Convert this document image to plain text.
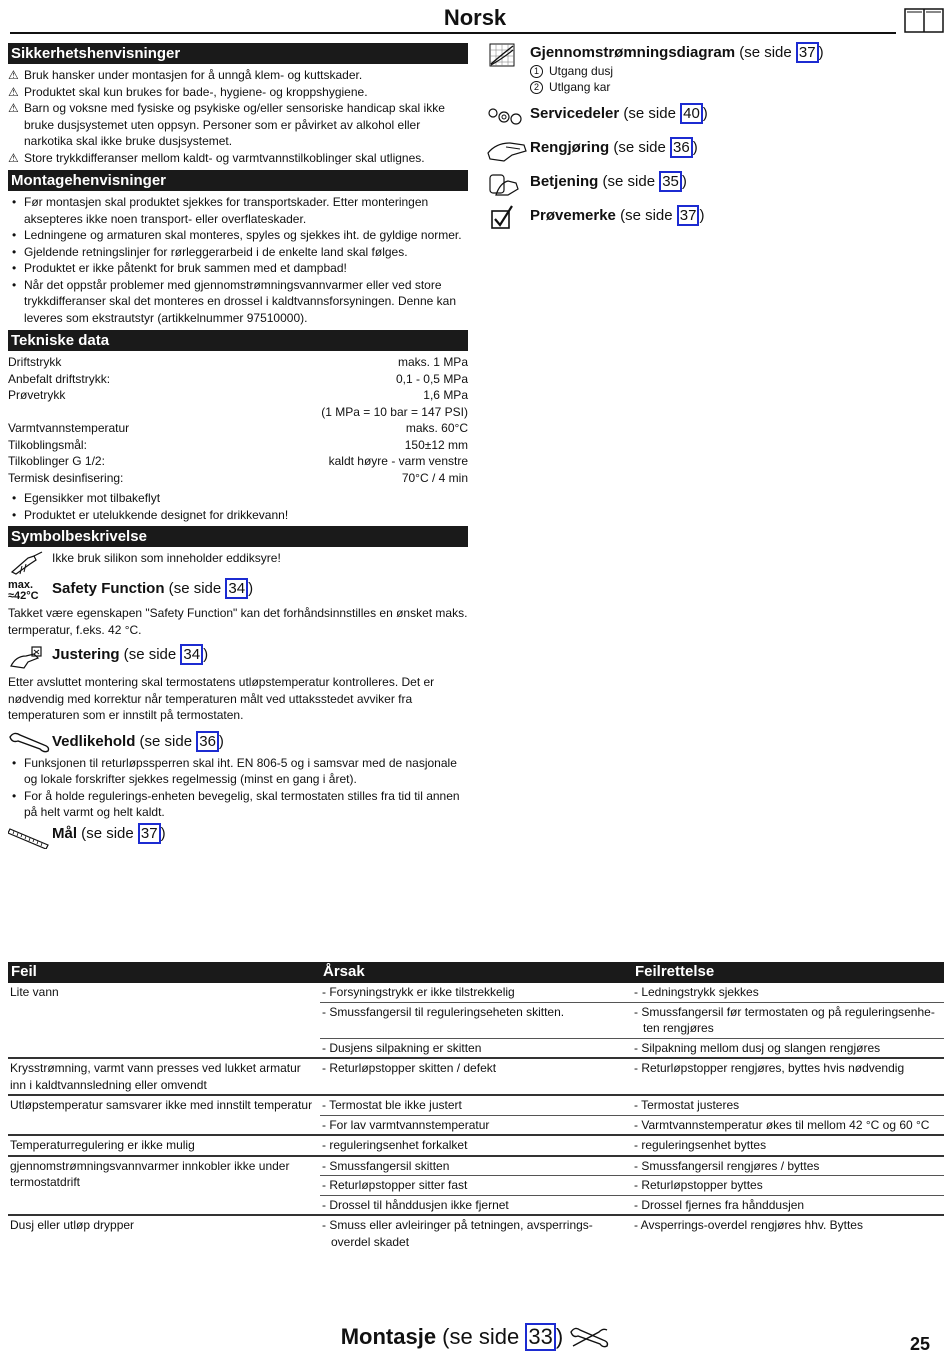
Norsk
Sikkerhetshenvisninger
⚠ Bruk hansker under montasjen for å unngå klem- og kuttskader.
⚠ Produktet skal kun brukes for bade-, hygiene- og kroppshygiene.
⚠ Barn og voksne med fysiske og psykiske og/eller sensoriske handicap skal ikke bruke dusjsystemet uten oppsyn. Personer som er påvirket av alkohol eller narkotika skal ikke bruke dusjsystemet.
⚠ Store trykkdifferanser mellom kaldt- og varmtvannstilkoblinger skal utlignes.
Montagehenvisninger
• Før montasjen skal produktet sjekkes for transportskader. Etter monteringen aksepteres ikke noen transport- eller overflateskader.
• Ledningene og armaturen skal monteres, spyles og sjekkes iht. de gyldige normer.
• Gjeldende retningslinjer for rørleggerarbeid i de enkelte land skal følges.
• Produktet er ikke påtenkt for bruk sammen med et dampbad!
• Når det oppstår problemer med gjennomstrømningsvannvarmer eller ved store trykkdifferanser skal det monteres en drossel i kaldtvannsforsyningen. Denne kan leveres som ekstrautstyr (artikkelnummer 97510000).
Tekniske data
Driftstrykk	maks. 1 MPa
Anbefalt driftstrykk:	0,1 - 0,5 MPa
Prøvetrykk	1,6 MPa
(1 MPa = 10 bar = 147 PSI)
Varmtvannstemperatur	maks. 60°C
Tilkoblingsmål:	150±12 mm
Tilkoblinger G 1/2:	kaldt høyre - varm venstre
Termisk desinfisering:	70°C / 4 min
• Egensikker mot tilbakeflyt
• Produktet er utelukkende designet for drikkevann!
Symbolbeskrivelse
Ikke bruk silikon som inneholder eddiksyre!
max.
≈42°C Safety Function (se side 34 )
Takket være egenskapen "Safety Function" kan det forhåndsinnstilles en ønsket maks. termperatur, f.eks. 42 °C.
Justering (se side 34 )
Etter avsluttet montering skal termostatens utløpstemperatur kontrolleres. Det er nødvendig med korrektur når temperaturen målt ved uttaksstedet avviker fra temperaturen som er innstilt på termostaten.
Vedlikehold (se side 36 )
• Funksjonen til returløpssperren skal iht. EN 806-5 og i samsvar med de nasjonale og lokale forskrifter sjekkes regelmessig (minst en gang i året).
• For å holde regulerings-enheten bevegelig, skal termostaten stilles fra tid til annen på helt varmt og helt kaldt.
Mål (se side 37 )
Gjennomstrømningsdiagram (se side 37 )
1 Utgang dusj
2 Utlgang kar
Servicedeler (se side 40 )
Rengjøring (se side 36 )
Betjening (se side 35 )
Prøvemerke (se side 37 )
Feil	Årsak	Feilrettelse
Lite vann	- Forsyningstrykk er ikke tilstrekkelig	- Ledningstrykk sjekkes

	- Smussfangersil til reguleringseheten skitten.	- Smussfangersil før termostaten og på reguleringsenhe- ten rengjøres

	- Dusjens silpakning er skitten	- Silpakning mellom dusj og slangen rengjøres

Krysstrømning, varmt vann presses ved lukket armatur inn i kaldtvannsledning eller omvendt	- Returløpstopper skitten / defekt	- Returløpstopper rengjøres, byttes hvis nødvendig

Utløpstemperatur samsvarer ikke med innstilt temperatur	- Termostat ble ikke justert	- Termostat justeres

	- For lav varmtvannstemperatur	- Varmtvannstemperatur økes til mellom 42 °C og 60 °C

Temperaturregulering er ikke mulig	- reguleringsenhet forkalket	- reguleringsenhet byttes

gjennomstrømningsvannvarmer innkobler ikke under termostatdrift	- Smussfangersil skitten	- Smussfangersil rengjøres / byttes

	- Returløpstopper sitter fast	- Returløpstopper byttes

	- Drossel til hånddusjen ikke fjernet	- Drossel fjernes fra hånddusjen

Dusj eller utløp drypper	- Smuss eller avleiringer på tetningen, avsperrings- overdel skadet	- Avsperrings-overdel rengjøres hhv. Byttes
Montasje (se side 33 )	25
